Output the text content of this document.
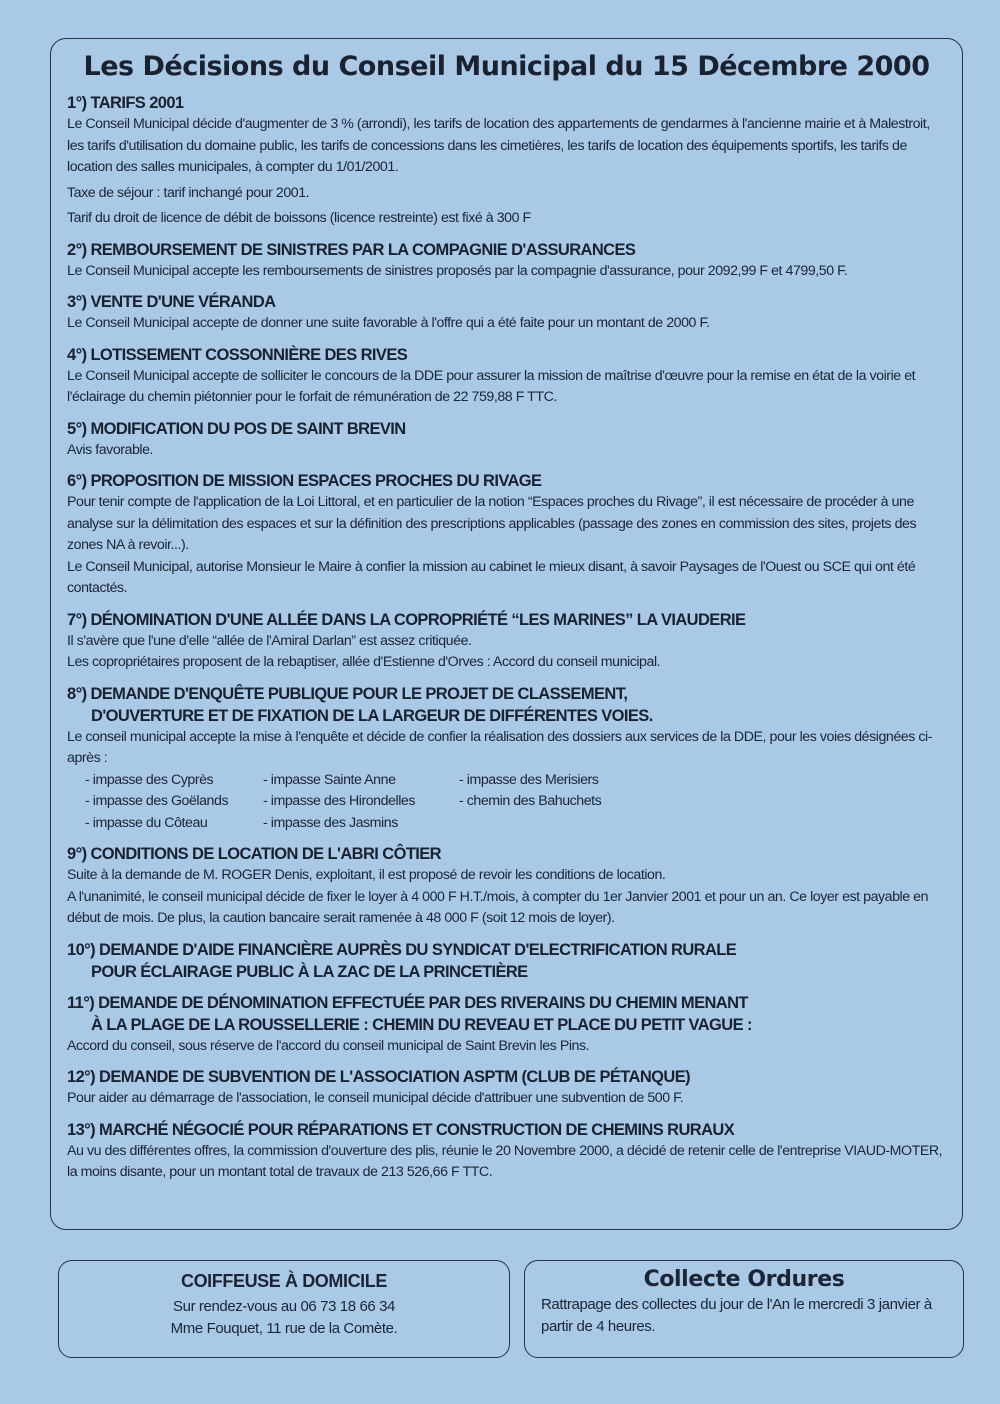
Les Décisions du Conseil Municipal du 15 Décembre 2000
1°) TARIFS 2001

Le Conseil Municipal décide d'augmenter de 3 % (arrondi), les tarifs de location des appartements de gendarmes à l'ancienne mairie et à Malestroit, les tarifs d'utilisation du domaine public, les tarifs de concessions dans les cimetières, les tarifs de location des équipements sportifs, les tarifs de location des salles municipales, à compter du 1/01/2001.

Taxe de séjour : tarif inchangé pour 2001.

Tarif du droit de licence de débit de boissons (licence restreinte) est fixé à 300 F

2°) REMBOURSEMENT DE SINISTRES PAR LA COMPAGNIE D'ASSURANCES

Le Conseil Municipal accepte les remboursements de sinistres proposés par la compagnie d'assurance, pour 2092,99 F et 4799,50 F.

3°) VENTE D'UNE VÉRANDA

Le Conseil Municipal accepte de donner une suite favorable à l'offre qui a été faite pour un montant de 2000 F.

4°) LOTISSEMENT COSSONNIÈRE DES RIVES

Le Conseil Municipal accepte de solliciter le concours de la DDE pour assurer la mission de maîtrise d'œuvre pour la remise en état de la voirie et l'éclairage du chemin piétonnier pour le forfait de rémunération de 22 759,88 F TTC.

5°) MODIFICATION DU POS DE SAINT BREVIN

Avis favorable.

6°) PROPOSITION DE MISSION ESPACES PROCHES DU RIVAGE

Pour tenir compte de l'application de la Loi Littoral, et en particulier de la notion “Espaces proches du Rivage”, il est nécessaire de procéder à une analyse sur la délimitation des espaces et sur la définition des prescriptions applicables (passage des zones en commission des sites, projets des zones NA à revoir...).

Le Conseil Municipal, autorise Monsieur le Maire à confier la mission au cabinet le mieux disant, à savoir Paysages de l'Ouest ou SCE qui ont été contactés.

7°) DÉNOMINATION D'UNE ALLÉE DANS LA COPROPRIÉTÉ “LES MARINES” LA VIAUDERIE

Il s'avère que l'une d'elle “allée de l'Amiral Darlan” est assez critiquée.

Les copropriétaires proposent de la rebaptiser, allée d'Estienne d'Orves : Accord du conseil municipal.

8°) DEMANDE D'ENQUÊTE PUBLIQUE POUR LE PROJET DE CLASSEMENT,
D'OUVERTURE ET DE FIXATION DE LA LARGEUR DE DIFFÉRENTES VOIES.

Le conseil municipal accepte la mise à l'enquête et décide de confier la réalisation des dossiers aux services de la DDE, pour les voies désignées ci-après :

- impasse des Cyprès
- impasse des Goëlands
- impasse du Côteau
- impasse Sainte Anne
- impasse des Hirondelles
- impasse des Jasmins
- impasse des Merisiers
- chemin des Bahuchets
9°) CONDITIONS DE LOCATION DE L'ABRI CÔTIER

Suite à la demande de M. ROGER Denis, exploitant, il est proposé de revoir les conditions de location.

A l'unanimité, le conseil municipal décide de fixer le loyer à 4 000 F H.T./mois, à compter du 1er Janvier 2001 et pour un an. Ce loyer est payable en début de mois. De plus, la caution bancaire serait ramenée à 48 000 F (soit 12 mois de loyer).

10°) DEMANDE D'AIDE FINANCIÈRE AUPRÈS DU SYNDICAT D'ELECTRIFICATION RURALE
POUR ÉCLAIRAGE PUBLIC À LA ZAC DE LA PRINCETIÈRE
11°) DEMANDE DE DÉNOMINATION EFFECTUÉE PAR DES RIVERAINS DU CHEMIN MENANT
À LA PLAGE DE LA ROUSSELLERIE : CHEMIN DU REVEAU ET PLACE DU PETIT VAGUE :

Accord du conseil, sous réserve de l'accord du conseil municipal de Saint Brevin les Pins.

12°) DEMANDE DE SUBVENTION DE L'ASSOCIATION ASPTM (CLUB DE PÉTANQUE)

Pour aider au démarrage de l'association, le conseil municipal décide d'attribuer une subvention de 500 F.

13°) MARCHÉ NÉGOCIÉ POUR RÉPARATIONS ET CONSTRUCTION DE CHEMINS RURAUX

Au vu des différentes offres, la commission d'ouverture des plis, réunie le 20 Novembre 2000, a décidé de retenir celle de l'entreprise VIAUD-MOTER, la moins disante, pour un montant total de travaux de 213 526,66 F TTC.

COIFFEUSE À DOMICILE
Sur rendez-vous au 06 73 18 66 34
Mme Fouquet, 11 rue de la Comète.
Collecte Ordures
Rattrapage des collectes du jour de l'An le mercredi 3 janvier à partir de 4 heures.
